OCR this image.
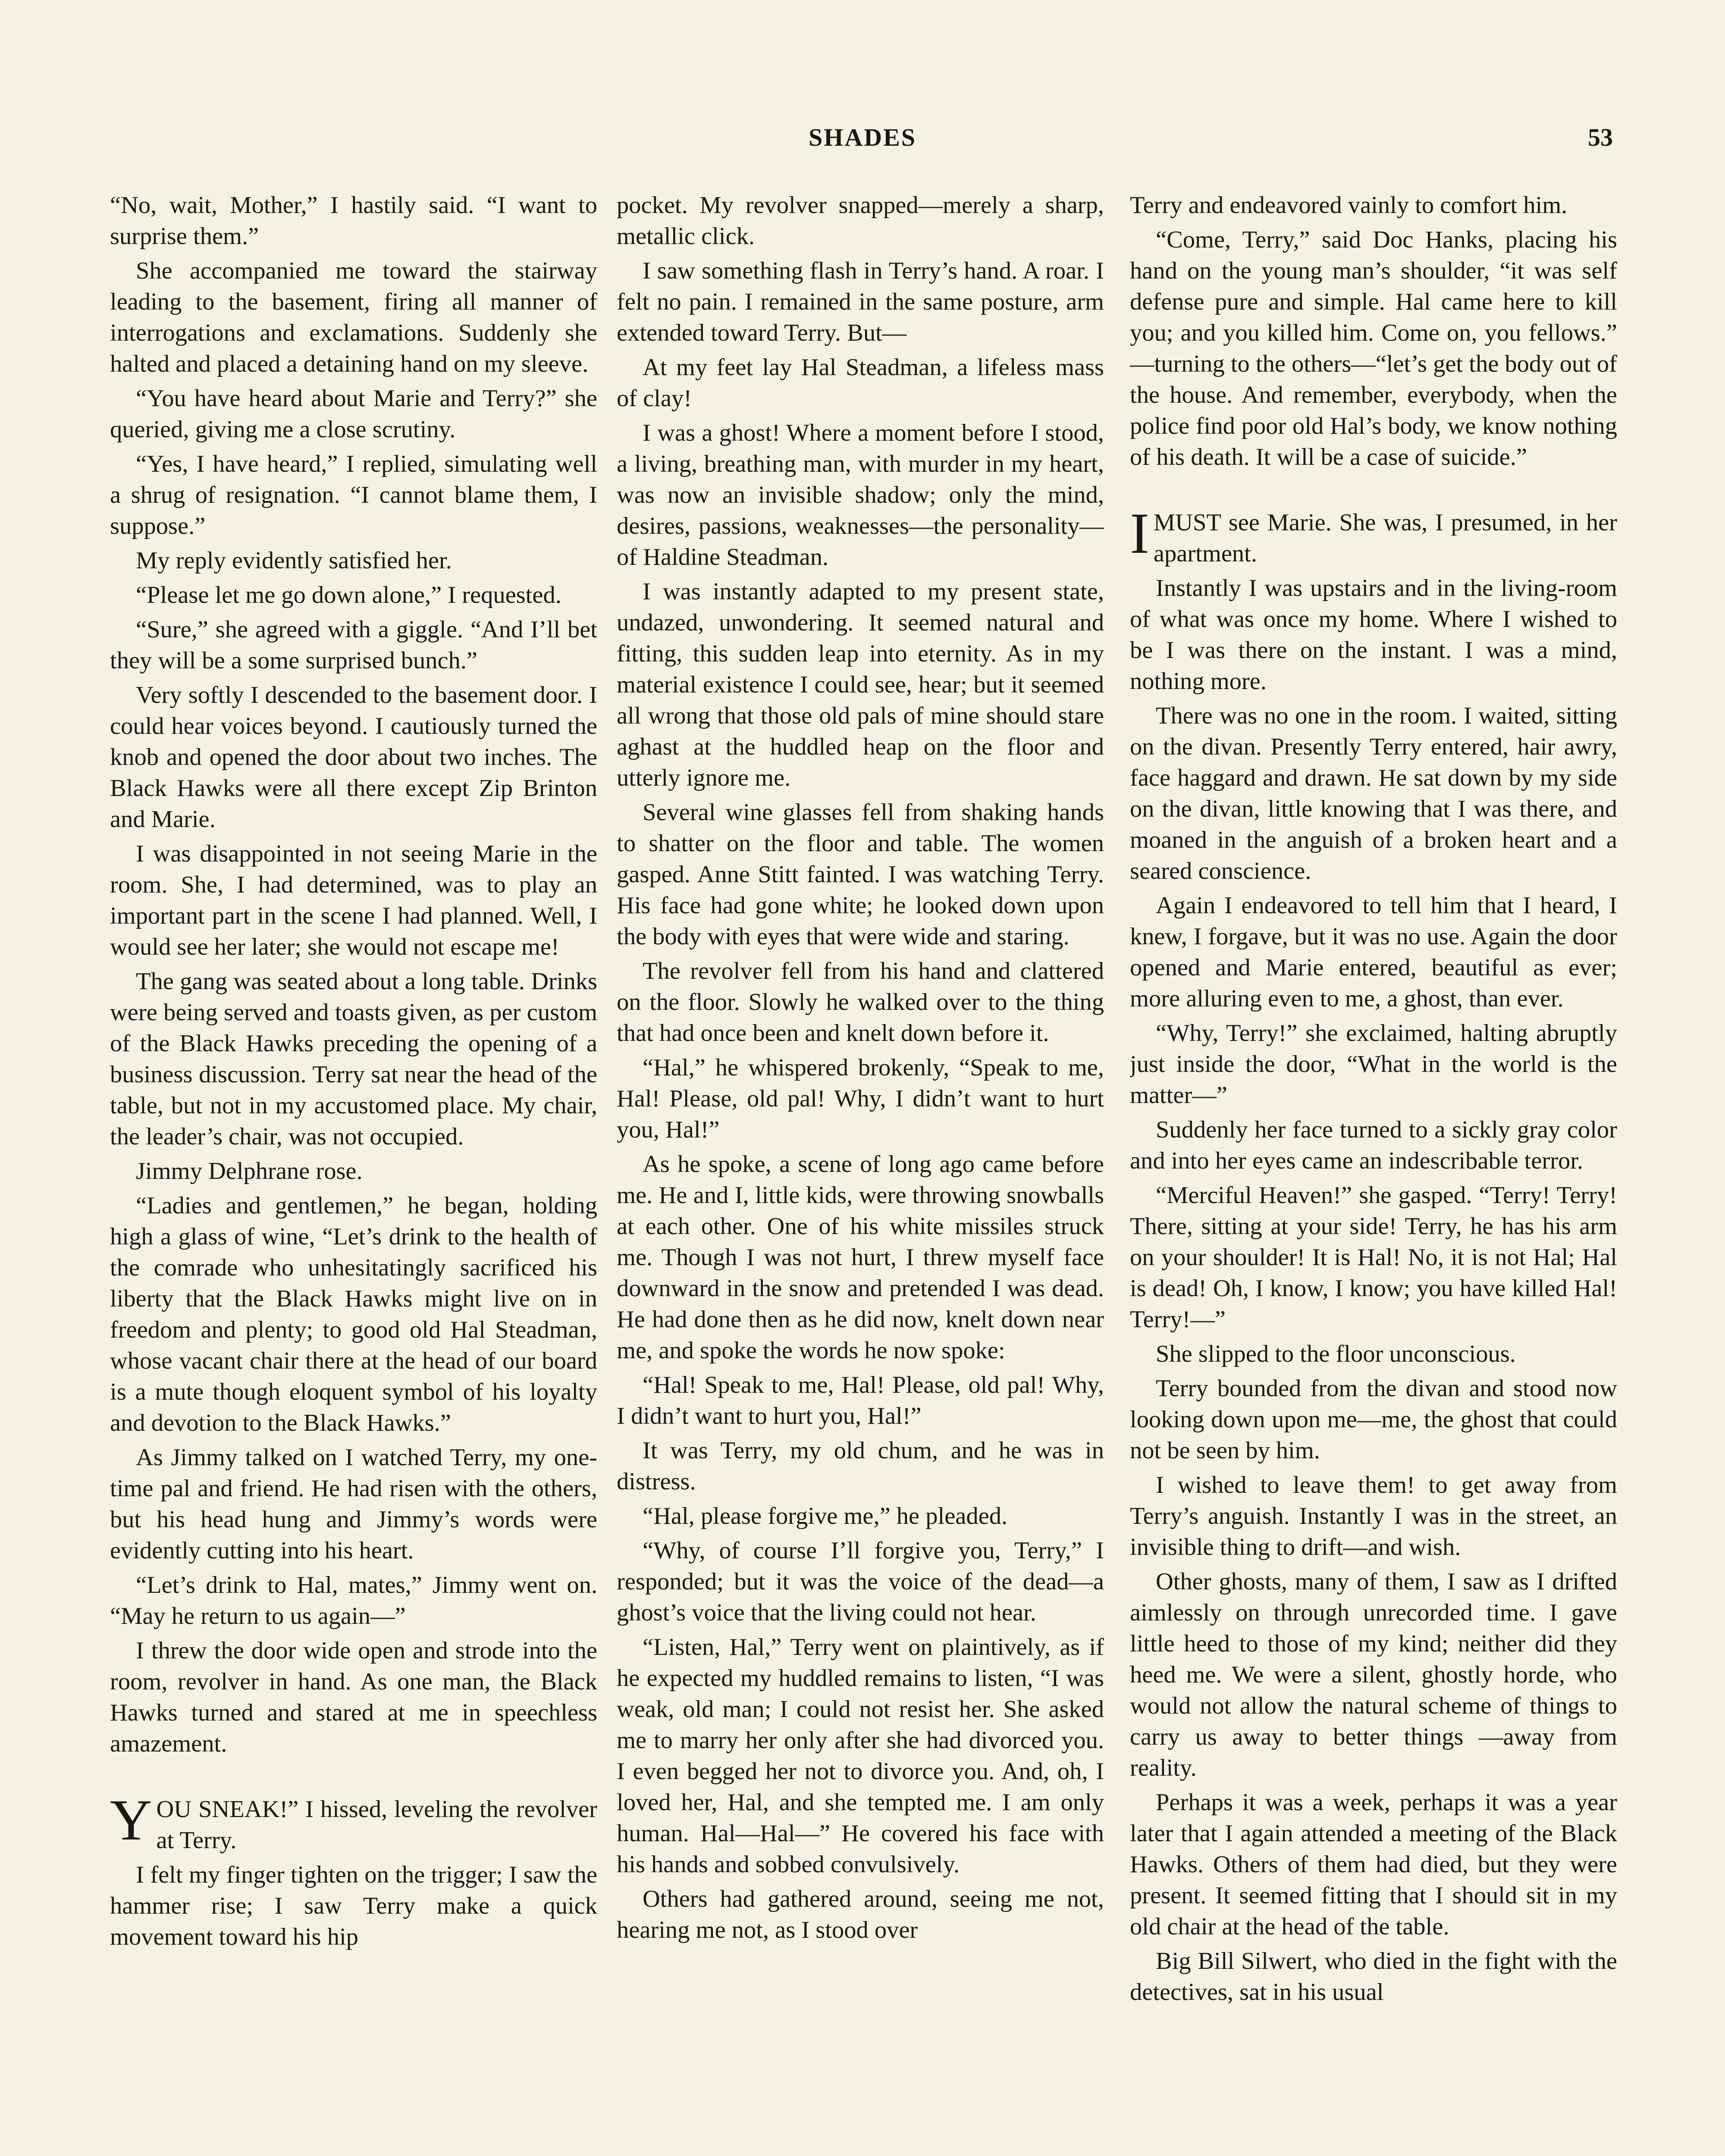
SHADES	53

“No, wait, Mother,” I hastily said. “I want to surprise them.”

She accompanied me toward the stairway leading to the basement, firing all manner of interrogations and exclamations. Suddenly she halted and placed a detaining hand on my sleeve.

“You have heard about Marie and Terry?” she queried, giving me a close scrutiny.

“Yes, I have heard,” I replied, simulating well a shrug of resignation. “I cannot blame them, I suppose.”

My reply evidently satisfied her.

“Please let me go down alone,” I requested.

“Sure,” she agreed with a giggle. “And I’ll bet they will be a some surprised bunch.”

Very softly I descended to the basement door. I could hear voices beyond. I cautiously turned the knob and opened the door about two inches. The Black Hawks were all there except Zip Brinton and Marie.

I was disappointed in not seeing Marie in the room. She, I had determined, was to play an important part in the scene I had planned. Well, I would see her later; she would not escape me!

The gang was seated about a long table. Drinks were being served and toasts given, as per custom of the Black Hawks preceding the opening of a business discussion. Terry sat near the head of the table, but not in my accustomed place. My chair, the leader’s chair, was not occupied.

Jimmy Delphrane rose.

“Ladies and gentlemen,” he began, holding high a glass of wine, “Let’s drink to the health of the comrade who unhesitatingly sacrificed his liberty that the Black Hawks might live on in freedom and plenty; to good old Hal Steadman, whose vacant chair there at the head of our board is a mute though eloquent symbol of his loyalty and devotion to the Black Hawks.”

As Jimmy talked on I watched Terry, my one-time pal and friend. He had risen with the others, but his head hung and Jimmy’s words were evidently cutting into his heart.

“Let’s drink to Hal, mates,” Jimmy went on. “May he return to us again—”

I threw the door wide open and strode into the room, revolver in hand. As one man, the Black Hawks turned and stared at me in speechless amazement.

YOU SNEAK!” I hissed, leveling the revolver at Terry.

I felt my finger tighten on the trigger; I saw the hammer rise; I saw Terry make a quick movement toward his hip

pocket. My revolver snapped—merely a sharp, metallic click.

I saw something flash in Terry’s hand. A roar. I felt no pain. I remained in the same posture, arm extended toward Terry. But—

At my feet lay Hal Steadman, a lifeless mass of clay!

I was a ghost! Where a moment before I stood, a living, breathing man, with murder in my heart, was now an invisible shadow; only the mind, desires, passions, weaknesses—the personality—of Haldine Steadman.

I was instantly adapted to my present state, undazed, unwondering. It seemed natural and fitting, this sudden leap into eternity. As in my material existence I could see, hear; but it seemed all wrong that those old pals of mine should stare aghast at the huddled heap on the floor and utterly ignore me.

Several wine glasses fell from shaking hands to shatter on the floor and table. The women gasped. Anne Stitt fainted. I was watching Terry. His face had gone white; he looked down upon the body with eyes that were wide and staring.

The revolver fell from his hand and clattered on the floor. Slowly he walked over to the thing that had once been and knelt down before it.

“Hal,” he whispered brokenly, “Speak to me, Hal! Please, old pal! Why, I didn’t want to hurt you, Hal!”

As he spoke, a scene of long ago came before me. He and I, little kids, were throwing snowballs at each other. One of his white missiles struck me. Though I was not hurt, I threw myself face downward in the snow and pretended I was dead. He had done then as he did now, knelt down near me, and spoke the words he now spoke:

“Hal! Speak to me, Hal! Please, old pal! Why, I didn’t want to hurt you, Hal!”

It was Terry, my old chum, and he was in distress.

“Hal, please forgive me,” he pleaded.

“Why, of course I’ll forgive you, Terry,” I responded; but it was the voice of the dead—a ghost’s voice that the living could not hear.

“Listen, Hal,” Terry went on plaintively, as if he expected my huddled remains to listen, “I was weak, old man; I could not resist her. She asked me to marry her only after she had divorced you. I even begged her not to divorce you. And, oh, I loved her, Hal, and she tempted me. I am only human. Hal—Hal—” He covered his face with his hands and sobbed convulsively.

Others had gathered around, seeing me not, hearing me not, as I stood over

Terry and endeavored vainly to comfort him.

“Come, Terry,” said Doc Hanks, placing his hand on the young man’s shoulder, “it was self defense pure and simple. Hal came here to kill you; and you killed him. Come on, you fellows.” —turning to the others—“let’s get the body out of the house. And remember, everybody, when the police find poor old Hal’s body, we know nothing of his death. It will be a case of suicide.”

IMUST see Marie. She was, I presumed, in her apartment.

Instantly I was upstairs and in the living-room of what was once my home. Where I wished to be I was there on the instant. I was a mind, nothing more.

There was no one in the room. I waited, sitting on the divan. Presently Terry entered, hair awry, face haggard and drawn. He sat down by my side on the divan, little knowing that I was there, and moaned in the anguish of a broken heart and a seared conscience.

Again I endeavored to tell him that I heard, I knew, I forgave, but it was no use. Again the door opened and Marie entered, beautiful as ever; more alluring even to me, a ghost, than ever.

“Why, Terry!” she exclaimed, halting abruptly just inside the door, “What in the world is the matter—”

Suddenly her face turned to a sickly gray color and into her eyes came an indescribable terror.

“Merciful Heaven!” she gasped. “Terry! Terry! There, sitting at your side! Terry, he has his arm on your shoulder! It is Hal! No, it is not Hal; Hal is dead! Oh, I know, I know; you have killed Hal! Terry!—”

She slipped to the floor unconscious.

Terry bounded from the divan and stood now looking down upon me—me, the ghost that could not be seen by him.

I wished to leave them! to get away from Terry’s anguish. Instantly I was in the street, an invisible thing to drift—and wish.

Other ghosts, many of them, I saw as I drifted aimlessly on through unrecorded time. I gave little heed to those of my kind; neither did they heed me. We were a silent, ghostly horde, who would not allow the natural scheme of things to carry us away to better things —away from reality.

Perhaps it was a week, perhaps it was a year later that I again attended a meeting of the Black Hawks. Others of them had died, but they were present. It seemed fitting that I should sit in my old chair at the head of the table.

Big Bill Silwert, who died in the fight with the detectives, sat in his usual
